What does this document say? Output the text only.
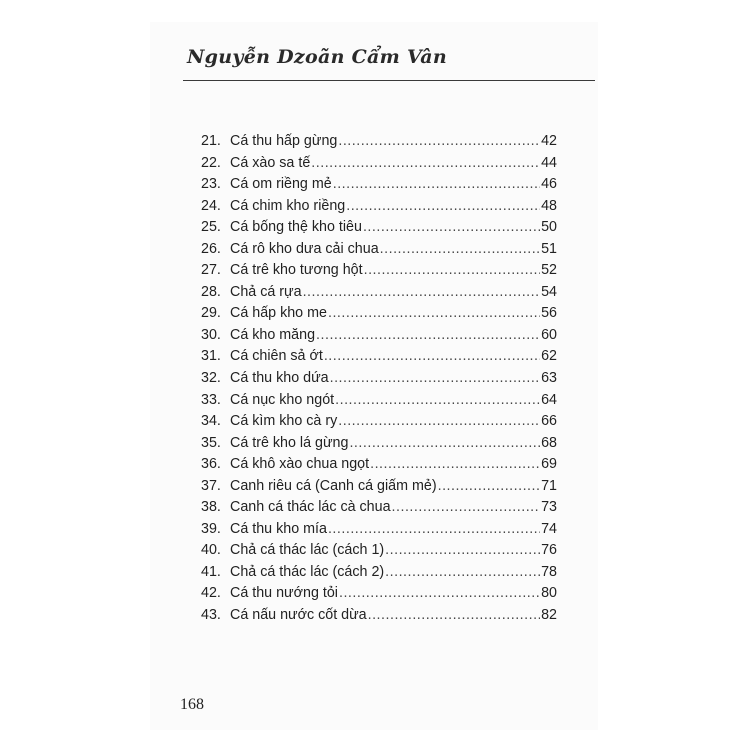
Nguyễn Dzoãn Cẩm Vân
21. Cá thu hấp gừng .....	42
22. Cá xào sa tế .....	44
23. Cá om riềng mẻ .....	46
24. Cá chim kho riềng .....	48
25. Cá bống thệ kho tiêu .....	50
26. Cá rô kho dưa cải chua .....	51
27. Cá trê kho tương hột .....	52
28. Chả cá rựa .....	54
29. Cá hấp kho me .....	56
30. Cá kho măng .....	60
31. Cá chiên sả ớt .....	62
32. Cá thu kho dứa .....	63
33. Cá nục kho ngót .....	64
34. Cá kìm kho cà ry .....	66
35. Cá trê kho lá gừng .....	68
36. Cá khô xào chua ngọt .....	69
37. Canh riêu cá (Canh cá giấm mẻ) .....	71
38. Canh cá thác lác cà chua .....	73
39. Cá thu kho mía .....	74
40. Chả cá thác lác (cách 1) .....	76
41. Chả cá thác lác (cách 2) .....	78
42. Cá thu nướng tỏi .....	80
43. Cá nấu nước cốt dừa .....	82
168
